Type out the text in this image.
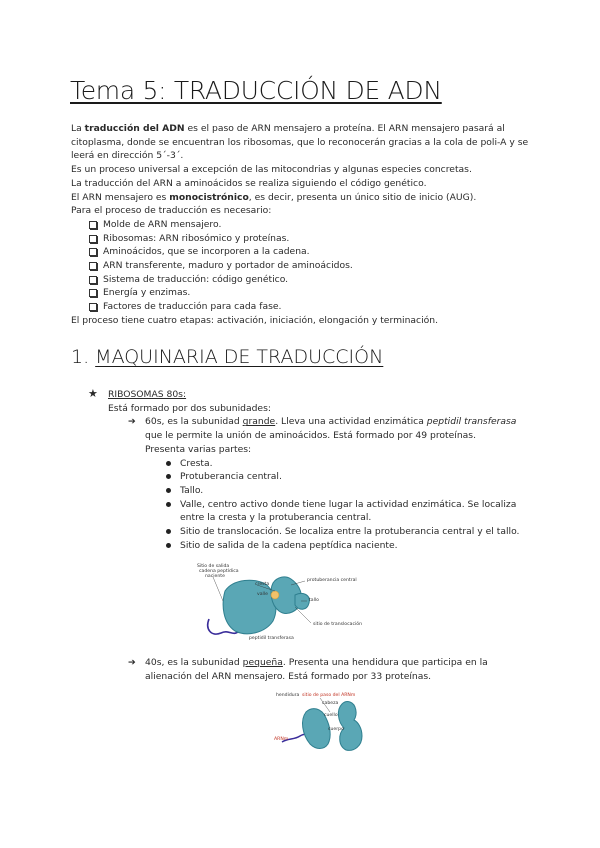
Tema 5: TRADUCCIÓN DE ADN

La traducción del ADN es el paso de ARN mensajero a proteína. El ARN mensajero pasará al citoplasma, donde se encuentran los ribosomas, que lo reconocerán gracias a la cola de poli-A y se leerá en dirección 5´-3´.

Es un proceso universal a excepción de las mitocondrias y algunas especies concretas.

La traducción del ARN a aminoácidos se realiza siguiendo el código genético.

El ARN mensajero es monocistrónico, es decir, presenta un único sitio de inicio (AUG).

Para el proceso de traducción es necesario:

Molde de ARN mensajero.
Ribosomas: ARN ribosómico y proteínas.
Aminoácidos, que se incorporen a la cadena.
ARN transferente, maduro y portador de aminoácidos.
Sistema de traducción: código genético.
Energía y enzimas.
Factores de traducción para cada fase.

El proceso tiene cuatro etapas: activación, iniciación, elongación y terminación.

1. MAQUINARIA DE TRADUCCIÓN
★ RIBOSOMAS 80s:
Está formado por dos subunidades:
➔ 60s, es la subunidad grande. Lleva una actividad enzimática peptidil transferasa que le permite la unión de aminoácidos. Está formado por 49 proteínas.
Presenta varias partes:
Cresta.
Protuberancia central.
Tallo.
Valle, centro activo donde tiene lugar la actividad enzimática. Se localiza entre la cresta y la protuberancia central.
Sitio de translocación. Se localiza entre la protuberancia central y el tallo.
Sitio de salida de la cadena peptídica naciente.
Sitio de salida
cadena peptídica
naciente
cresta
valle
protuberancia central
tallo
sitio de translocación
peptidil transferasa
➔ 40s, es la subunidad pequeña. Presenta una hendidura que participa en la alienación del ARN mensajero. Está formado por 33 proteínas.
hendidura sitio de paso del ARNm
cabeza
cuello
cuerpo
ARNm
